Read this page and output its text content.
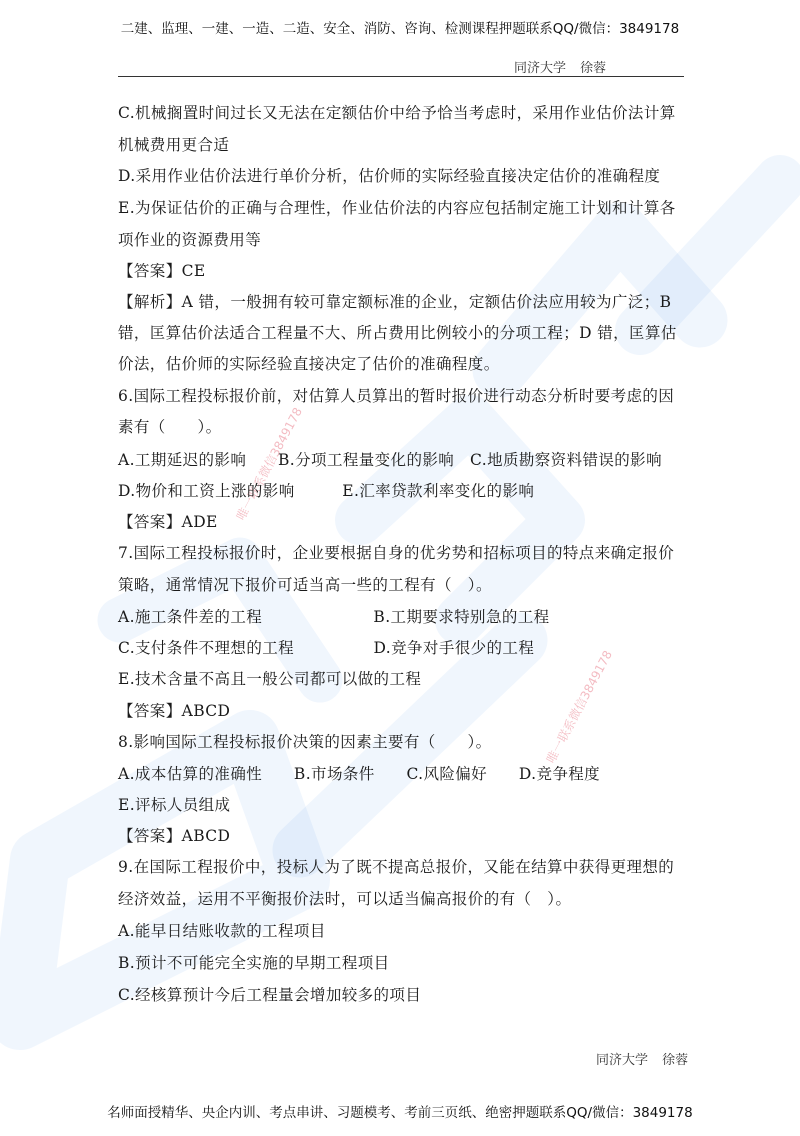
唯一联系微信3849178
唯一联系微信3849178
二建、监理、一建、一造、二造、安全、消防、咨询、检测课程押题联系QQ/微信：3849178
同济大学 徐蓉
C.机械搁置时间过长又无法在定额估价中给予恰当考虑时，采用作业估价法计算
机械费用更合适
D.采用作业估价法进行单价分析，估价师的实际经验直接决定估价的准确程度
E.为保证估价的正确与合理性，作业估价法的内容应包括制定施工计划和计算各
项作业的资源费用等
【答案】CE
【解析】A 错，一般拥有较可靠定额标准的企业，定额估价法应用较为广泛；B
错，匡算估价法适合工程量不大、所占费用比例较小的分项工程；D 错，匡算估
价法，估价师的实际经验直接决定了估价的准确程度。
6.国际工程投标报价前，对估算人员算出的暂时报价进行动态分析时要考虑的因
素有（　　）。
A.工期延迟的影响　　B.分项工程量变化的影响　C.地质勘察资料错误的影响
D.物价和工资上涨的影响　　　E.汇率贷款利率变化的影响
【答案】ADE
7.国际工程投标报价时，企业要根据自身的优劣势和招标项目的特点来确定报价
策略，通常情况下报价可适当高一些的工程有（　）。
A.施工条件差的工程　　　　　　　B.工期要求特别急的工程
C.支付条件不理想的工程　　　　　D.竞争对手很少的工程
E.技术含量不高且一般公司都可以做的工程
【答案】ABCD
8.影响国际工程投标报价决策的因素主要有（　　）。
A.成本估算的准确性　　B.市场条件　　C.风险偏好　　D.竞争程度
E.评标人员组成
【答案】ABCD
9.在国际工程报价中，投标人为了既不提高总报价，又能在结算中获得更理想的
经济效益，运用不平衡报价法时，可以适当偏高报价的有（　）。
A.能早日结账收款的工程项目
B.预计不可能完全实施的早期工程项目
C.经核算预计今后工程量会增加较多的项目
同济大学 徐蓉
名师面授精华、央企内训、考点串讲、习题模考、考前三页纸、绝密押题联系QQ/微信：3849178
